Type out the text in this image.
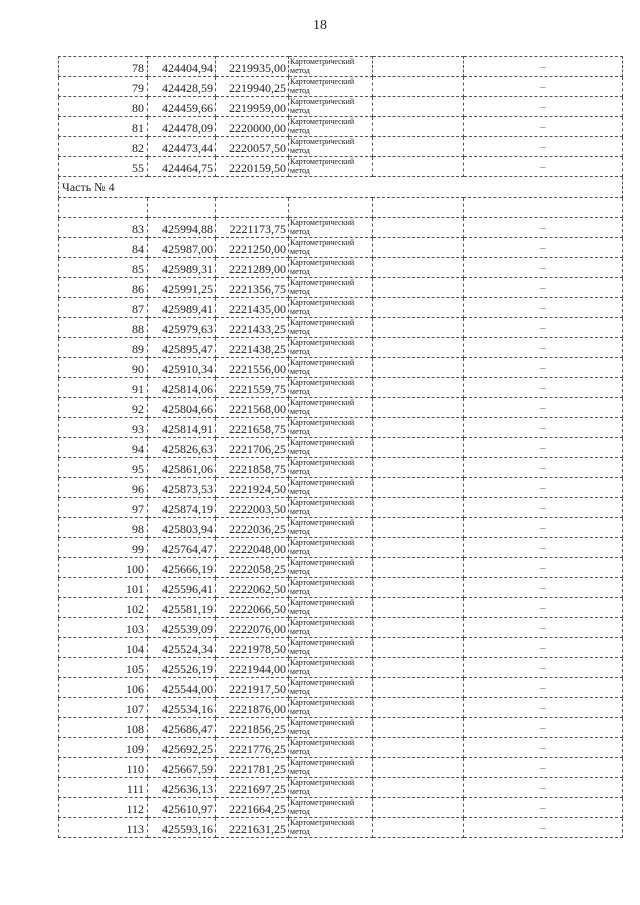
18
78	424404,94	2219935,00	Картометрический метод		–
79	424428,59	2219940,25	Картометрический метод		–
80	424459,66	2219959,00	Картометрический метод		–
81	424478,09	2220000,00	Картометрический метод		–
82	424473,44	2220057,50	Картометрический метод		–
55	424464,75	2220159,50	Картометрический метод		–
Часть № 4					

83	425994,88	2221173,75	Картометрический метод		–
84	425987,00	2221250,00	Картометрический метод		–
85	425989,31	2221289,00	Картометрический метод		–
86	425991,25	2221356,75	Картометрический метод		–
87	425989,41	2221435,00	Картометрический метод		–
88	425979,63	2221433,25	Картометрический метод		–
89	425895,47	2221438,25	Картометрический метод		–
90	425910,34	2221556,00	Картометрический метод		–
91	425814,06	2221559,75	Картометрический метод		–
92	425804,66	2221568,00	Картометрический метод		–
93	425814,91	2221658,75	Картометрический метод		–
94	425826,63	2221706,25	Картометрический метод		–
95	425861,06	2221858,75	Картометрический метод		–
96	425873,53	2221924,50	Картометрический метод		–
97	425874,19	2222003,50	Картометрический метод		–
98	425803,94	2222036,25	Картометрический метод		–
99	425764,47	2222048,00	Картометрический метод		–
100	425666,19	2222058,25	Картометрический метод		–
101	425596,41	2222062,50	Картометрический метод		–
102	425581,19	2222066,50	Картометрический метод		–
103	425539,09	2222076,00	Картометрический метод		–
104	425524,34	2221978,50	Картометрический метод		–
105	425526,19	2221944,00	Картометрический метод		–
106	425544,00	2221917,50	Картометрический метод		–
107	425534,16	2221876,00	Картометрический метод		–
108	425686,47	2221856,25	Картометрический метод		–
109	425692,25	2221776,25	Картометрический метод		–
110	425667,59	2221781,25	Картометрический метод		–
111	425636,13	2221697,25	Картометрический метод		–
112	425610,97	2221664,25	Картометрический метод		–
113	425593,16	2221631,25	Картометрический метод		–
